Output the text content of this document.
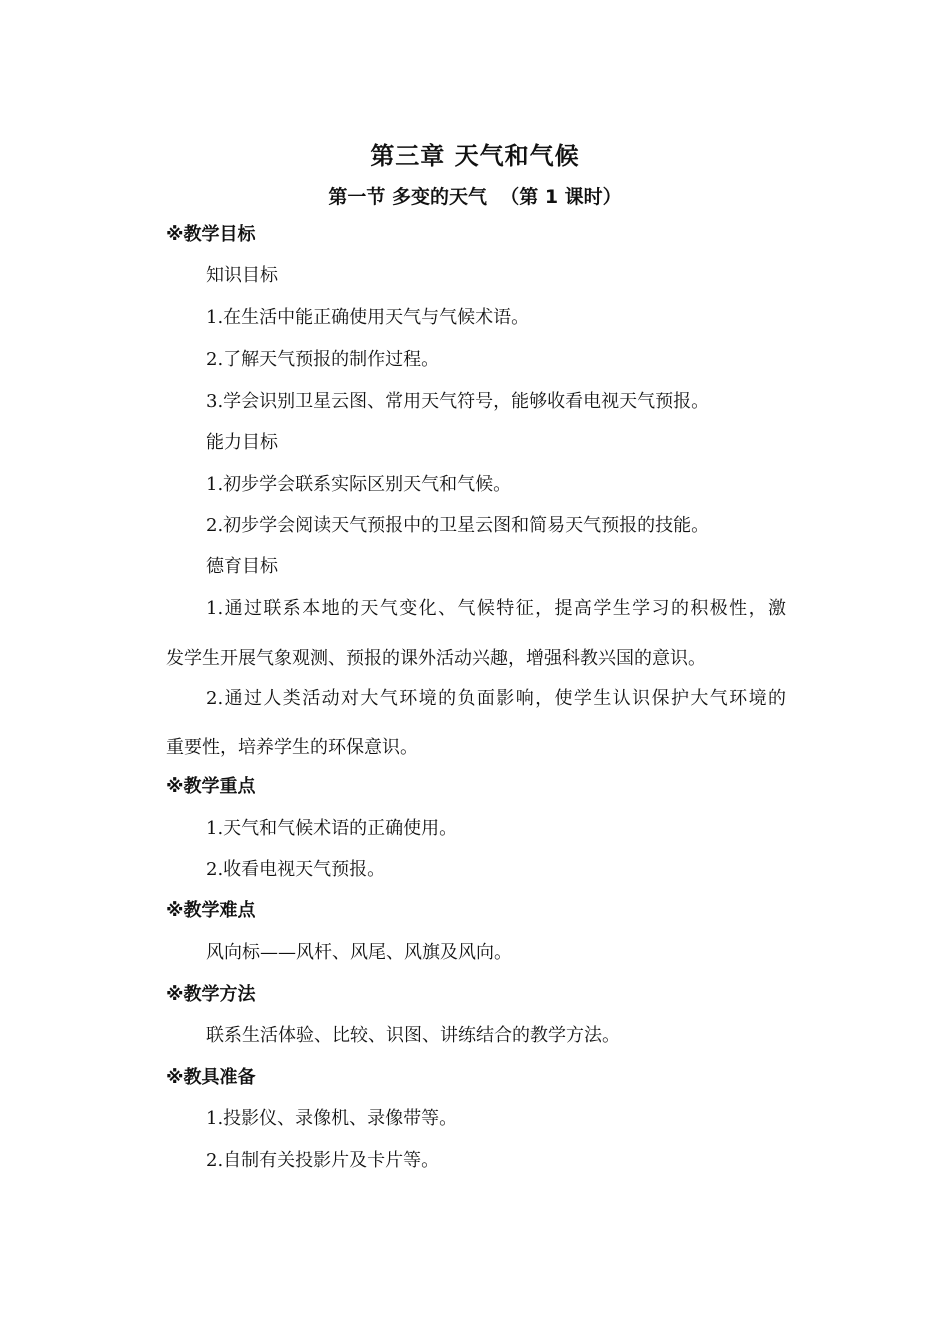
第三章 天气和气候
第一节 多变的天气 （第 1 课时）
※教学目标
知识目标
1.在生活中能正确使用天气与气候术语。
2.了解天气预报的制作过程。
3.学会识别卫星云图、常用天气符号，能够收看电视天气预报。
能力目标
1.初步学会联系实际区别天气和气候。
2.初步学会阅读天气预报中的卫星云图和简易天气预报的技能。
德育目标
1.通过联系本地的天气变化、气候特征，提高学生学习的积极性，激
发学生开展气象观测、预报的课外活动兴趣，增强科教兴国的意识。
2.通过人类活动对大气环境的负面影响，使学生认识保护大气环境的
重要性，培养学生的环保意识。
※教学重点
1.天气和气候术语的正确使用。
2.收看电视天气预报。
※教学难点
风向标——风杆、风尾、风旗及风向。
※教学方法
联系生活体验、比较、识图、讲练结合的教学方法。
※教具准备
1.投影仪、录像机、录像带等。
2.自制有关投影片及卡片等。
